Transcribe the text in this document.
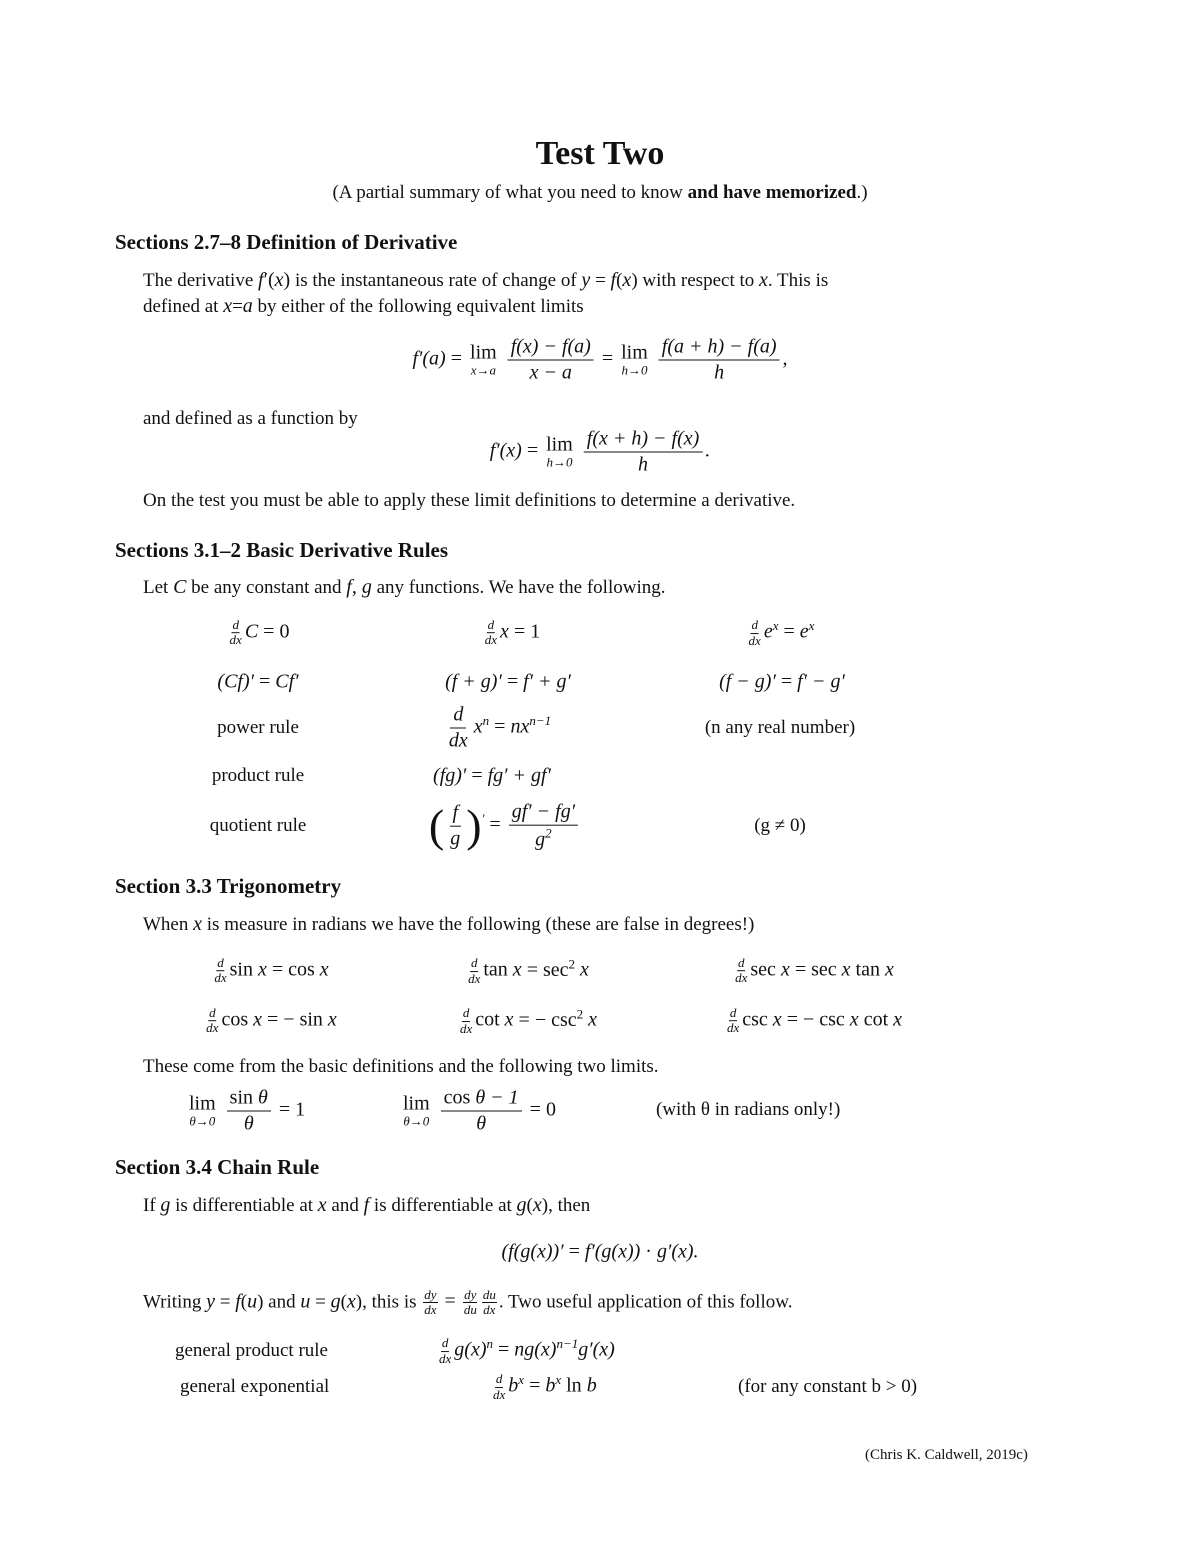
Test Two
(A partial summary of what you need to know and have memorized.)
Sections 2.7–8 Definition of Derivative
The derivative f′(x) is the instantaneous rate of change of y = f(x) with respect to x. This is
defined at x=a by either of the following equivalent limits
f′(a) = lim
x→a
$\frac{f(x) - f(a)}{x - a} = \lim$
h→0
$\frac{f(a + h) - f(a)}{h}$ ,
and defined as a function by
f′(x) = lim
h→0
$\frac{f(x + h) - f(x)}{h}$ .
On the test you must be able to apply these limit definitions to determine a derivative.
Sections 3.1–2 Basic Derivative Rules
Let C be any constant and f, g any functions. We have the following.
$\frac{d}{dx}$ C = 0	$\frac{d}{dx}$ x = 1	$\frac{d}{dx} e^x = e^x$
(Cf)′ = Cf′	(f + g)′ = f′ + g′	(f − g)′ = f′ − g′
power rule	$\frac{d}{dx} x^n = nx^{n-1}$	(n any real number)
product rule	(fg)′ = fg′ + gf′
quotient rule	( $\frac{f}{g} )' = \frac{gf' - fg'}{g^2}$	(g ≠ 0)
Section 3.3 Trigonometry
When x is measure in radians we have the following (these are false in degrees!)
$\frac{d}{dx}$ sin x = cos x	$\frac{d}{dx}$ $\tan x = \sec^2 x$	$\frac{d}{dx}$ sec x = sec x tan x
$\frac{d}{dx}$ cos x = − sin x	$\frac{d}{dx}$ cot x = − $\csc^2 x$	$\frac{d}{dx}$ csc x = − csc x cot x
These come from the basic definitions and the following two limits.
lim
θ→0
$\frac{\text{sin θ}}{\theta} = 1$	lim
θ→0
$\frac{\text{cos θ − 1}}{\theta} = 0$	(with θ in radians only!)
Section 3.4 Chain Rule
If g is differentiable at x and f is differentiable at g(x), then
(f(g(x))′ = f′(g(x)) · g′(x).
Writing y = f(u) and u = g(x), this is $\frac{dy}{dx} = \frac{dy}{du} \frac{du}{dx}$ . Two useful application of this follow.
general product rule	$\frac{d}{dx} g(x)^n = ng(x)^{n-1}g'(x)$
general exponential	$\frac{d}{dx} b^x = b^x$ ln b	(for any constant b > 0)
(Chris K. Caldwell, 2019c)
